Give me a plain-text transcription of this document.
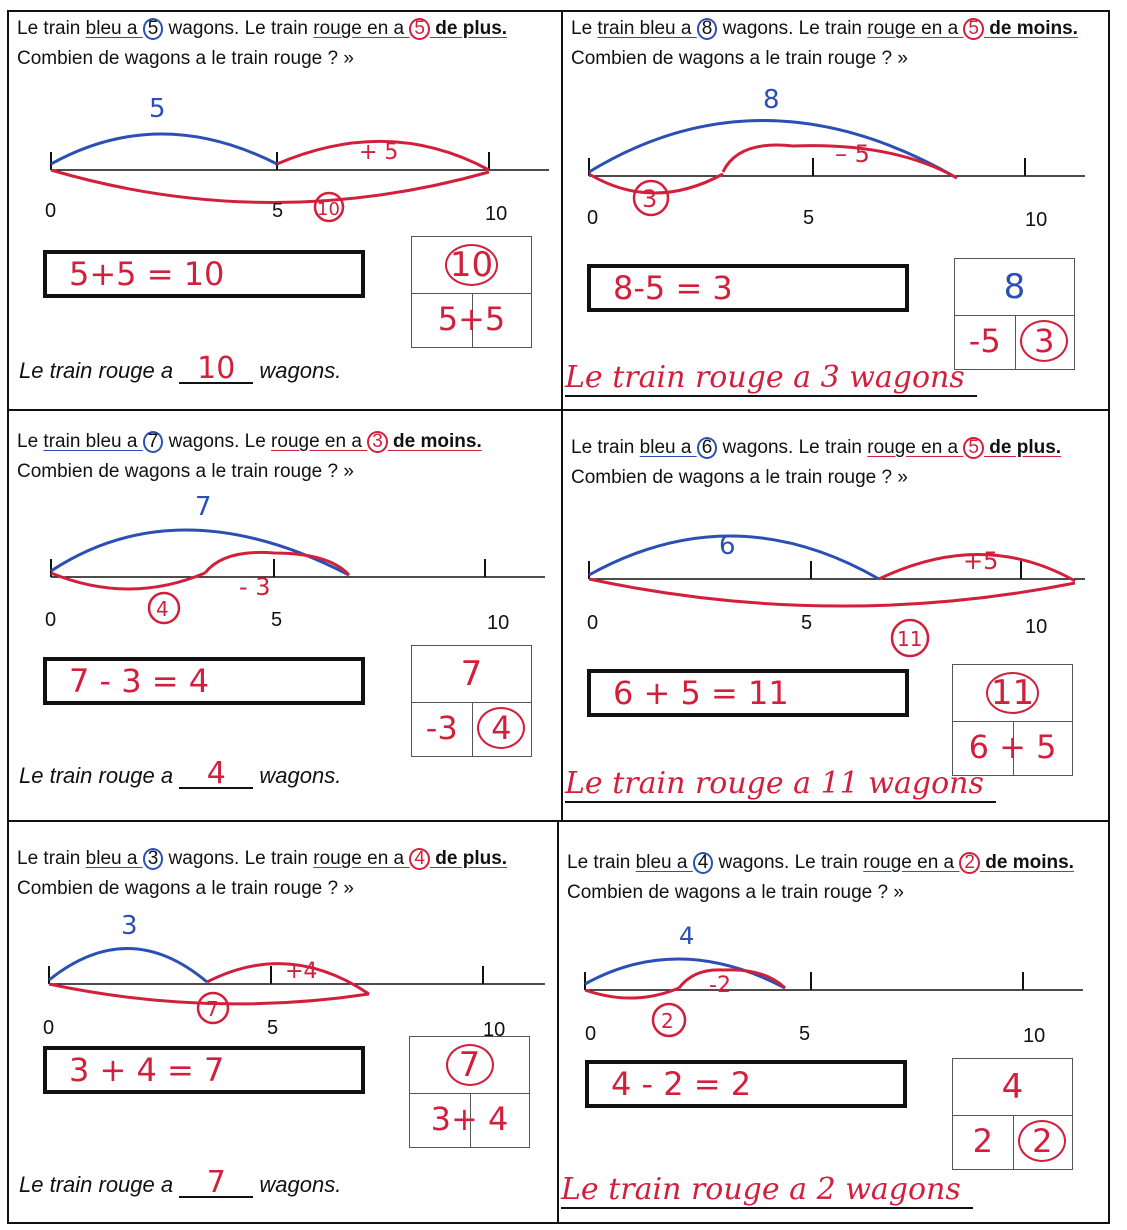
Le train bleu a 5 wagons. Le train rouge en a 5 de plus.
Combien de wagons a le train rouge ? »
0	5	10
5
+ 5
10
5+5 = 10	10
5+5
Le train rouge a 10 wagons.
Le train bleu a 8 wagons. Le train rouge en a 5 de moins.
Combien de wagons a le train rouge ? »
0	5	10
8
– 5
3
8-5 = 3	8
-5	3
Le train rouge a 3 wagons
Le train bleu a 7 wagons. Le rouge en a 3 de moins.
Combien de wagons a le train rouge ? »
0	5	10
7
- 3
4
7 - 3 = 4	7
-3	4
Le train rouge a 4 wagons.
Le train bleu a 6 wagons. Le train rouge en a 5 de plus.
Combien de wagons a le train rouge ? »
0	5	10
6	+5
11
6 + 5 = 11	11
6 + 5
Le train rouge a 11 wagons
Le train bleu a 3 wagons. Le train rouge en a 4 de plus.
Combien de wagons a le train rouge ? »
0	5	10
3
+4
7
3 + 4 = 7	7
3+ 4
Le train rouge a 7 wagons.
Le train bleu a 4 wagons. Le train rouge en a 2 de moins.
Combien de wagons a le train rouge ? »
0	5	10
4
-2
2
4 - 2 = 2	4
2	2
Le train rouge a 2 wagons
